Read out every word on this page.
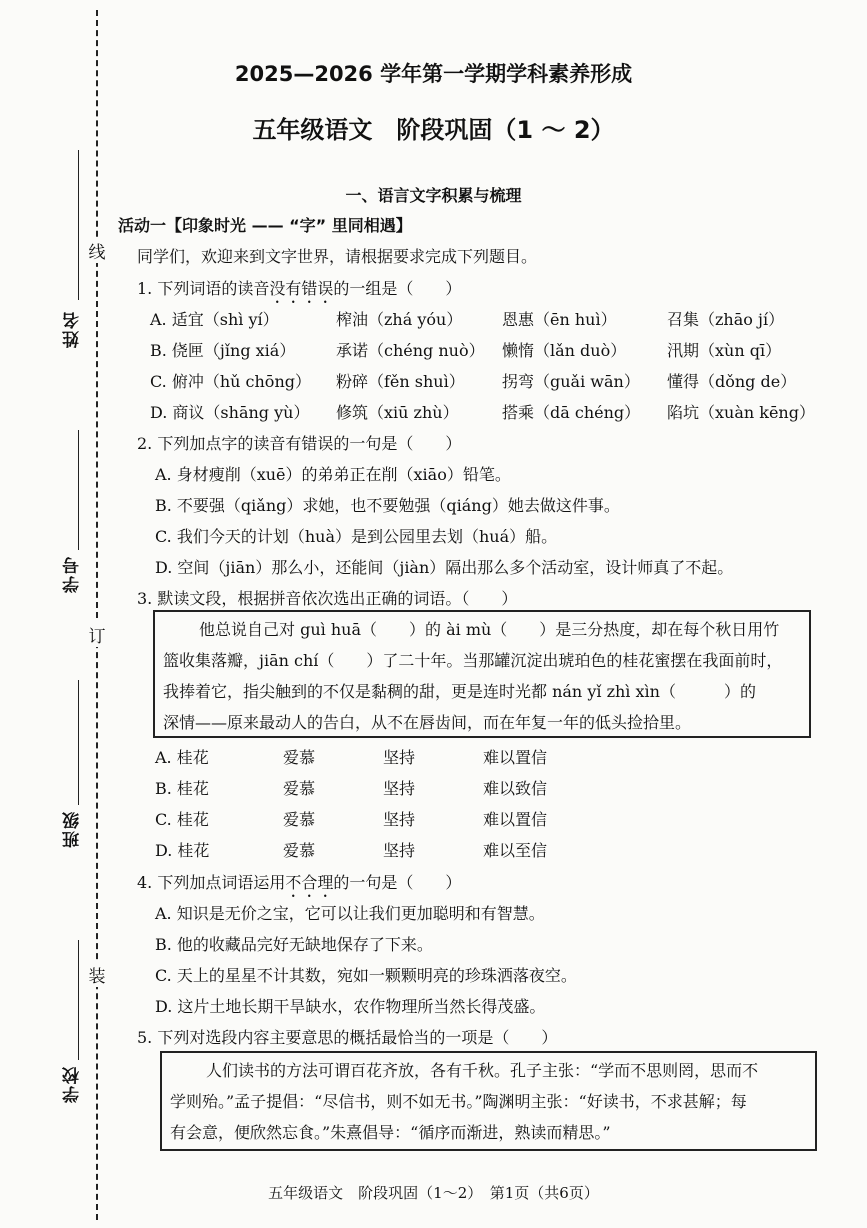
线
订
装
姓名
学号
班级
学校
2025—2026 学年第一学期学科素养形成
五年级语文　阶段巩固（1 ～ 2）
一、语言文字积累与梳理
活动一【印象时光 —— “字” 里同相遇】
同学们，欢迎来到文字世界，请根据要求完成下列题目。
1. 下列词语的读音没有错误的一组是（　　）
A. 适宜（shì yí）	榨油（zhá yóu） 恩惠（ēn huì）	召集（zhāo jí）
B. 侥匣（jǐng xiá）	承诺（chéng nuò） 懒惰（lǎn duò）	汛期（xùn qī）
C. 俯冲（hǔ chōng） 粉碎（fěn shuì） 拐弯（guǎi wān） 懂得（dǒng de）
D. 商议（shāng yù） 修筑（xiū zhù）	搭乘（dā chéng） 陷坑（xuàn kēng）
2. 下列加点字的读音有错误的一句是（　　）
A. 身材瘦削（xuē）的弟弟正在削（xiāo）铅笔。
B. 不要强（qiǎng）求她，也不要勉强（qiáng）她去做这件事。
C. 我们今天的计划（huà）是到公园里去划（huá）船。
D. 空间（jiān）那么小，还能间（jiàn）隔出那么多个活动室，设计师真了不起。
3. 默读文段，根据拼音依次选出正确的词语。（　　）
他总说自己对 guì huā（　　）的 ài mù（　　）是三分热度，却在每个秋日用竹
篮收集落瓣，jiān chí（　　）了二十年。当那罐沉淀出琥珀色的桂花蜜摆在我面前时，
我捧着它，指尖触到的不仅是黏稠的甜，更是连时光都 nán yǐ zhì xìn（　　　）的
深情——原来最动人的告白，从不在唇齿间，而在年复一年的低头捡拾里。
A. 桂花	爱慕	坚持	难以置信
B. 桂花	爱慕	坚持	难以致信
C. 桂花	爱慕	坚持	难以置信
D. 桂花	爱慕	坚持	难以至信
4. 下列加点词语运用不合理的一句是（　　）
A. 知识是无价之宝，它可以让我们更加聪明和有智慧。
B. 他的收藏品完好无缺地保存了下来。
C. 天上的星星不计其数，宛如一颗颗明亮的珍珠洒落夜空。
D. 这片土地长期干旱缺水，农作物理所当然长得茂盛。
5. 下列对选段内容主要意思的概括最恰当的一项是（　　）
人们读书的方法可谓百花齐放，各有千秋。孔子主张：“学而不思则罔，思而不
学则殆。”孟子提倡：“尽信书，则不如无书。”陶渊明主张：“好读书，不求甚解；每
有会意，便欣然忘食。”朱熹倡导：“循序而渐进，熟读而精思。”
五年级语文　阶段巩固（1～2）　第1页（共6页）
